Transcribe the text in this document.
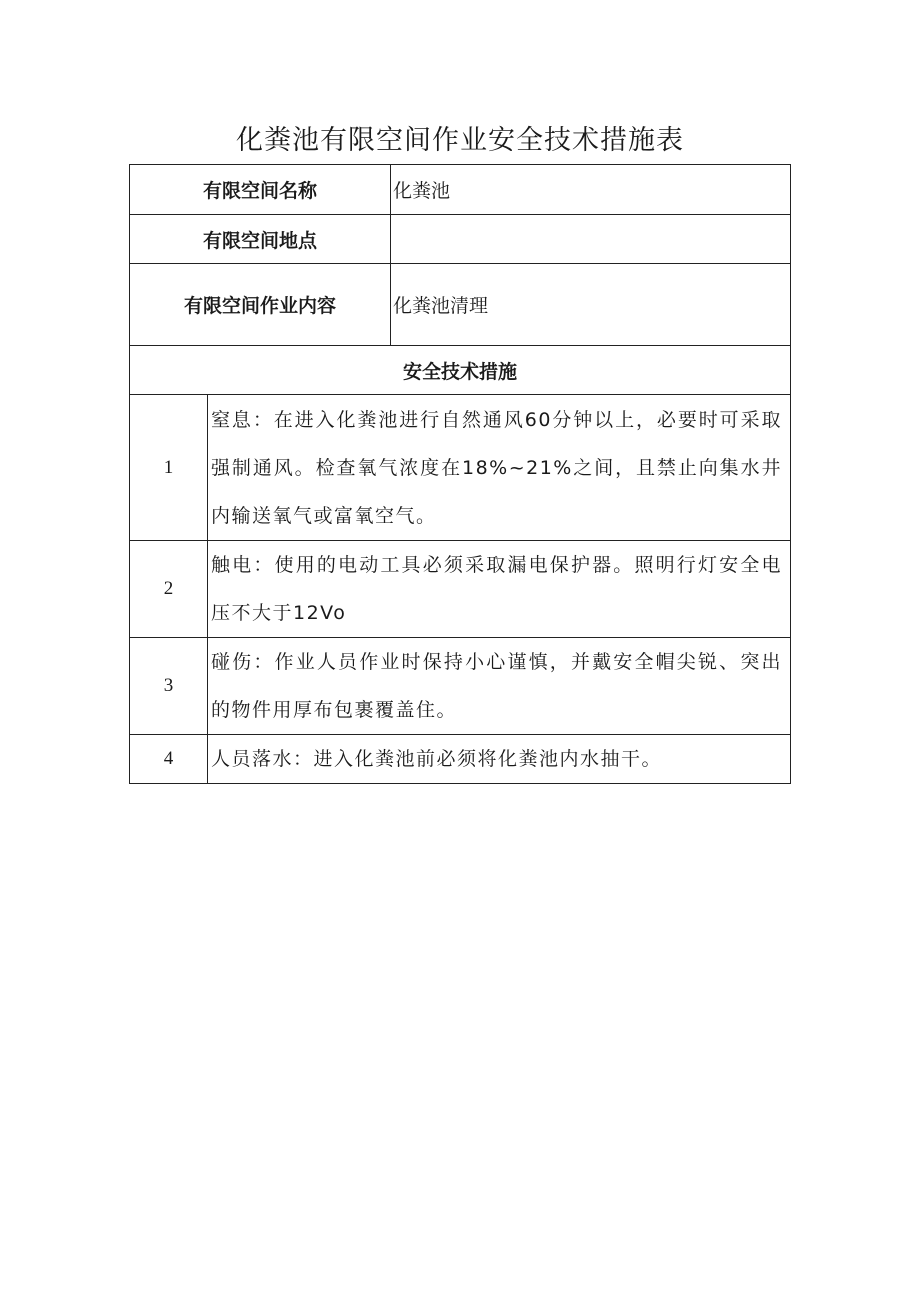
化粪池有限空间作业安全技术措施表
有限空间名称		化粪池
有限空间地点		
有限空间作业内容		化粪池清理
安全技术措施		
1	窒息：在进入化粪池进行自然通风60分钟以上，必要时可采取强制通风。检查氧气浓度在18%~21%之间，且禁止向集水井内输送氧气或富氧空气。	
2	触电：使用的电动工具必须采取漏电保护器。照明行灯安全电压不大于12Vo	
3	碰伤：作业人员作业时保持小心谨慎，并戴安全帽尖锐、突出的物件用厚布包裹覆盖住。	
4	人员落水：进入化粪池前必须将化粪池内水抽干。	
